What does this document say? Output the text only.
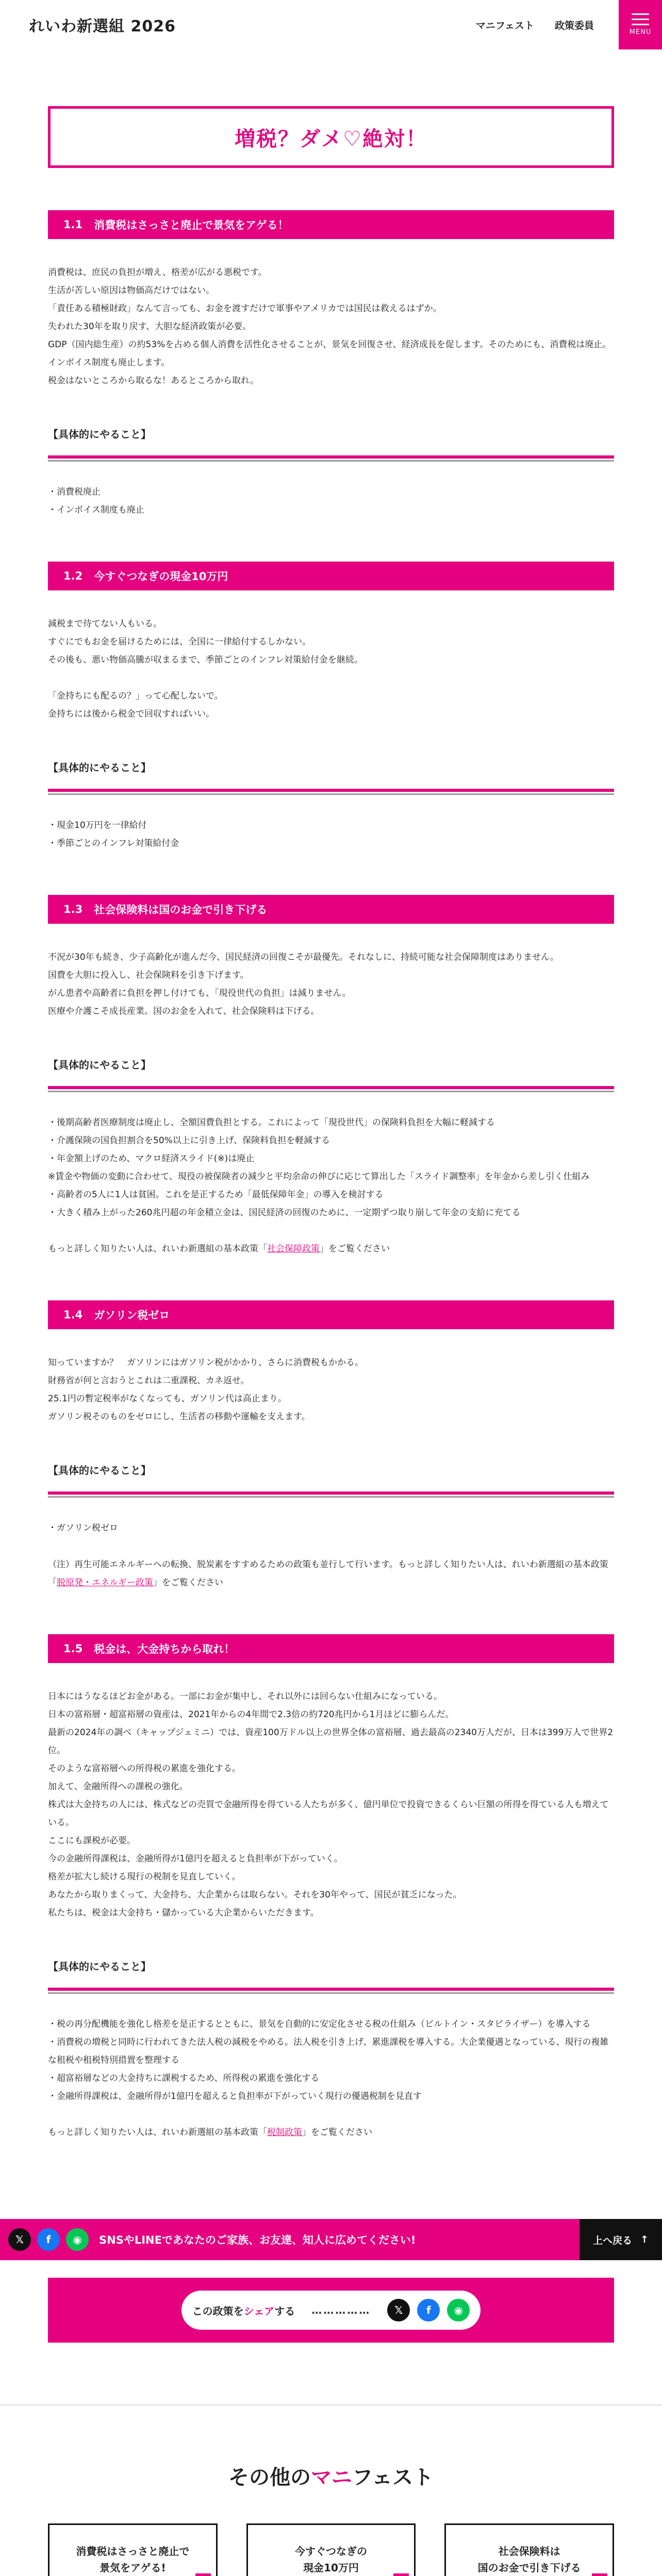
れいわ新選組 2026	マニフェスト 政策委員
MENU
増税？ダメ♡絶対！
1.1 消費税はさっさと廃止で景気をアゲる！

消費税は、庶民の負担が増え、格差が広がる悪税です。

生活が苦しい原因は物価高だけではない。

「責任ある積極財政」なんて言っても、お金を渡すだけで軍事やアメリカでは国民は救えるはずか。

失われた30年を取り戻す、大胆な経済政策が必要。

GDP（国内総生産）の約53%を占める個人消費を活性化させることが、景気を回復させ、経済成長を促します。そのためにも、消費税は廃止。インボイス制度も廃止します。

税金はないところから取るな！あるところから取れ。

【具体的にやること】

・消費税廃止

・インボイス制度も廃止

1.2 今すぐつなぎの現金10万円

減税まで待てない人もいる。

すぐにでもお金を届けるためには、全国に一律給付するしかない。

その後も、悪い物価高騰が収まるまで、季節ごとのインフレ対策給付金を継続。

「金持ちにも配るの？」って心配しないで。

金持ちには後から税金で回収すればいい。

【具体的にやること】

・現金10万円を一律給付

・季節ごとのインフレ対策給付金

1.3 社会保険料は国のお金で引き下げる

不況が30年も続き、少子高齢化が進んだ今、国民経済の回復こそが最優先。それなしに、持続可能な社会保障制度はありません。

国費を大胆に投入し、社会保険料を引き下げます。

がん患者や高齢者に負担を押し付けても、「現役世代の負担」は減りません。

医療や介護こそ成長産業。国のお金を入れて、社会保険料は下げる。

【具体的にやること】

・後期高齢者医療制度は廃止し、全額国費負担とする。これによって「現役世代」の保険料負担を大幅に軽減する

・介護保険の国負担割合を50%以上に引き上げ、保険料負担を軽減する

・年金額上げのため、マクロ経済スライド(※)は廃止

※賃金や物価の変動に合わせて、現役の被保険者の減少と平均余命の伸びに応じて算出した「スライド調整率」を年金から差し引く仕組み

・高齢者の5人に1人は貧困。これを是正するため「最低保障年金」の導入を検討する

・大きく積み上がった260兆円超の年金積立金は、国民経済の回復のために、一定期ずつ取り崩して年金の支給に充てる

もっと詳しく知りたい人は、れいわ新選組の基本政策「社会保障政策」をご覧ください

1.4 ガソリン税ゼロ

知っていますか？　ガソリンにはガソリン税がかかり、さらに消費税もかかる。

財務省が何と言おうとこれは二重課税、カネ返せ。

25.1円の暫定税率がなくなっても、ガソリン代は高止まり。

ガソリン税そのものをゼロにし、生活者の移動や運輸を支えます。

【具体的にやること】

・ガソリン税ゼロ

（注）再生可能エネルギーへの転換、脱炭素をすすめるための政策も並行して行います。もっと詳しく知りたい人は、れいわ新選組の基本政策「脱原発・エネルギー政策」をご覧ください

1.5 税金は、大金持ちから取れ！

日本にはうなるほどお金がある。一部にお金が集中し、それ以外には回らない仕組みになっている。

日本の富裕層・超富裕層の資産は、2021年からの4年間で2.3倍の約720兆円から1月ほどに膨らんだ。

最新の2024年の調べ（キャップジェミニ）では、資産100万ドル以上の世界全体の富裕層、過去最高の2340万人だが、日本は399万人で世界2位。

そのような富裕層への所得税の累進を強化する。

加えて、金融所得への課税の強化。

株式は大金持ちの人には、株式などの売買で金融所得を得ている人たちが多く、億円単位で投資できるくらい巨額の所得を得ている人も増えている。

ここにも課税が必要。

今の金融所得課税は、金融所得が1億円を超えると負担率が下がっていく。

格差が拡大し続ける現行の税制を見直していく。

あなたから取りまくって、大金持ち、大企業からは取らない。それを30年やって、国民が貧乏になった。

私たちは、税金は大金持ち・儲かっている大企業からいただきます。

【具体的にやること】

・税の再分配機能を強化し格差を是正するとともに、景気を自動的に安定化させる税の仕組み（ビルトイン・スタビライザー）を導入する

・消費税の増税と同時に行われてきた法人税の減税をやめる。法人税を引き上げ、累進課税を導入する。大企業優遇となっている、現行の複雑な租税や租税特別措置を整理する

・超富裕層などの大金持ちに課税するため、所得税の累進を強化する

・金融所得課税は、金融所得が1億円を超えると負担率が下がっていく現行の優遇税制を見直す

もっと詳しく知りたい人は、れいわ新選組の基本政策「税制政策」をご覧ください

𝕏	f	◉	SNSやLINEであなたのご家族、お友達、知人に広めてください!	上へ戻る ↑
この政策をシェアする ……………	𝕏	f	◉
その他のマニフェスト
消費税はさっさと廃止で
景気をアゲる!
今すぐつなぎの
現金10万円
社会保険料は
国のお金で引き下げる
